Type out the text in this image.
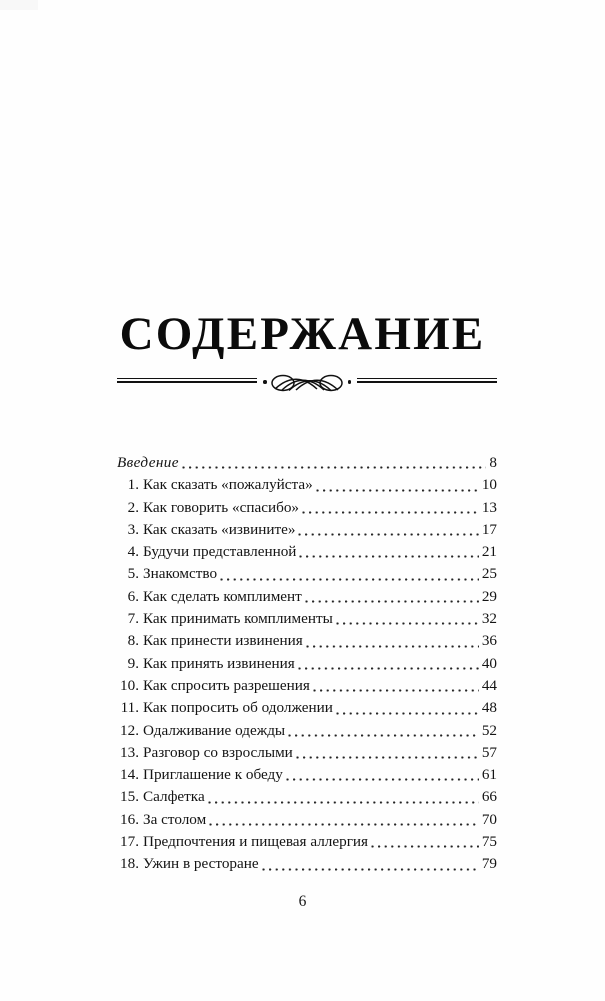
СОДЕРЖАНИЕ
Введение	8
1. Как сказать «пожалуйста»	10
2. Как говорить «спасибо»	13
3. Как сказать «извините»	17
4. Будучи представленной	21
5. Знакомство	25
6. Как сделать комплимент	29
7. Как принимать комплименты	32
8. Как принести извинения	36
9. Как принять извинения	40
10. Как спросить разрешения	44
11. Как попросить об одолжении	48
12. Одалживание одежды	52
13. Разговор со взрослыми	57
14. Приглашение к обеду	61
15. Салфетка	66
16. За столом	70
17. Предпочтения и пищевая аллергия	75
18. Ужин в ресторане	79
6
